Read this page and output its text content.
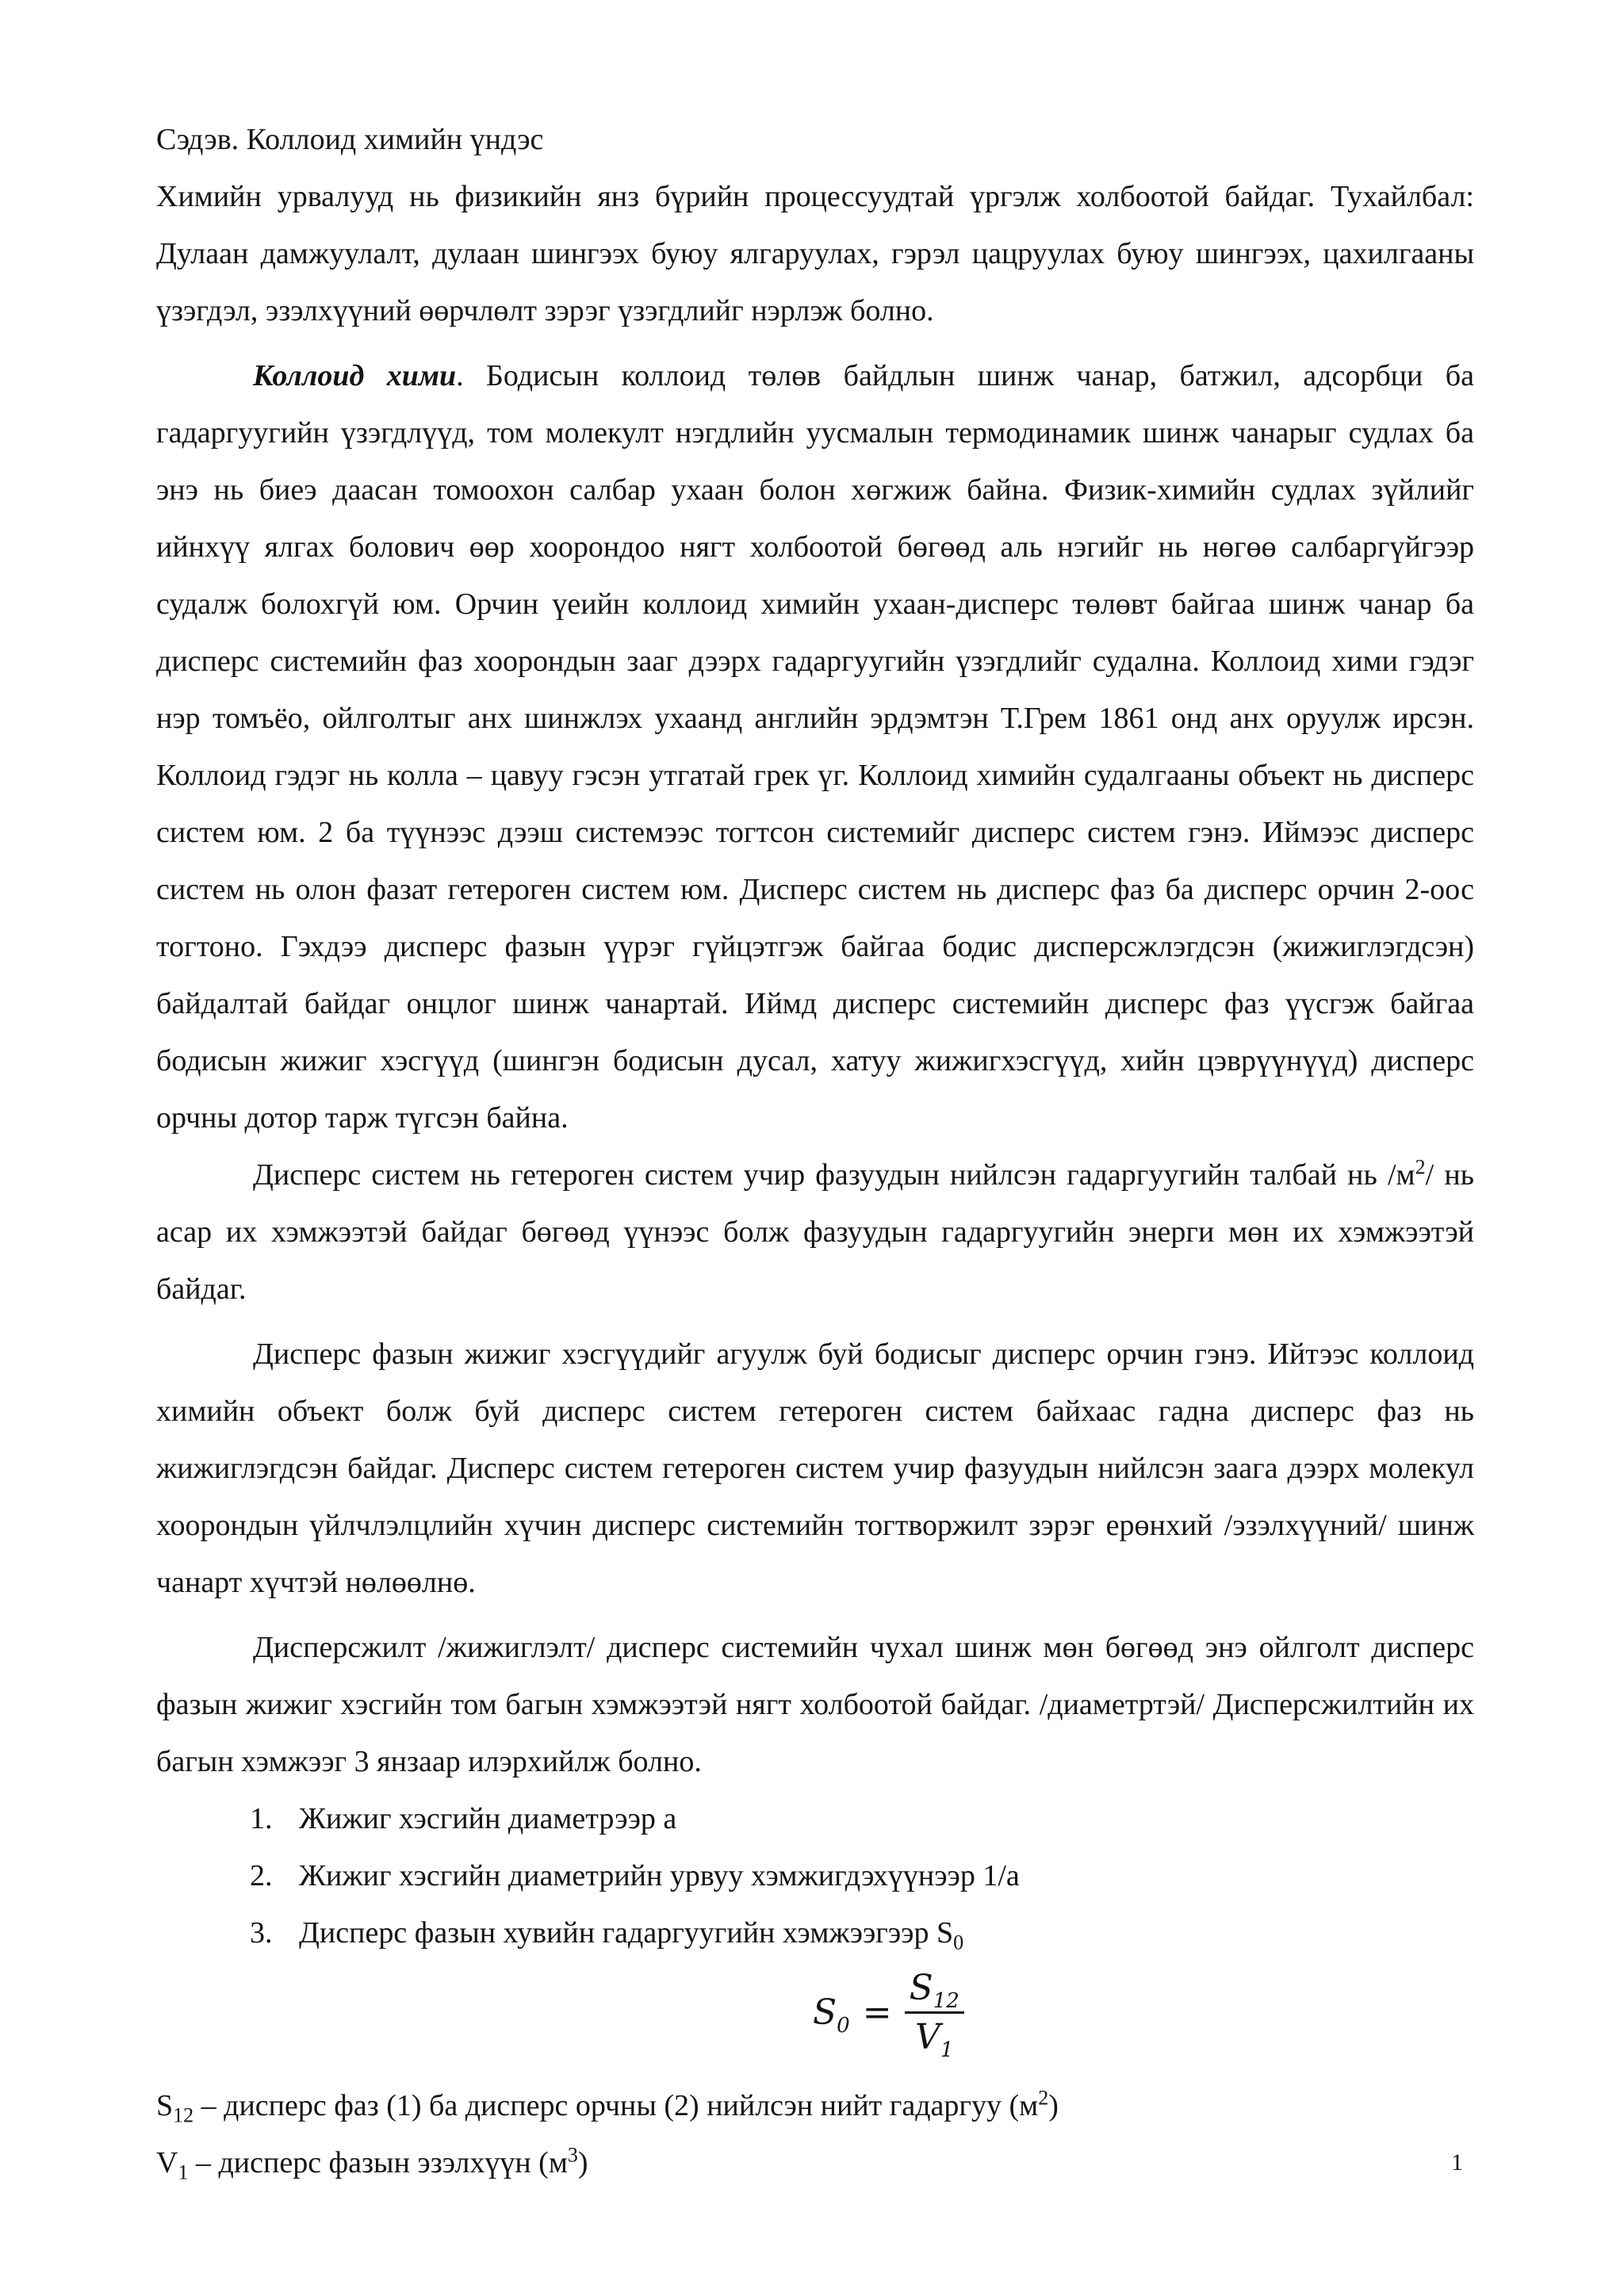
Сэдэв. Коллоид химийн үндэс

Химийн урвалууд нь физикийн янз бүрийн процессуудтай үргэлж холбоотой байдаг. Тухайлбал: Дулаан дамжуулалт, дулаан шингээх буюу ялгаруулах, гэрэл цацруулах буюу шингээх, цахилгааны үзэгдэл, эзэлхүүний өөрчлөлт зэрэг үзэгдлийг нэрлэж болно.

Коллоид хими. Бодисын коллоид төлөв байдлын шинж чанар, батжил, адсорбци ба гадаргуугийн үзэгдлүүд, том молекулт нэгдлийн уусмалын термодинамик шинж чанарыг судлах ба энэ нь биеэ даасан томоохон салбар ухаан болон хөгжиж байна. Физик-химийн судлах зүйлийг ийнхүү ялгах болович өөр хоорондоо нягт холбоотой бөгөөд аль нэгийг нь нөгөө салбаргүйгээр судалж болохгүй юм. Орчин үеийн коллоид химийн ухаан-дисперс төлөвт байгаа шинж чанар ба дисперс системийн фаз хоорондын зааг дээрх гадаргуугийн үзэгдлийг судална. Коллоид хими гэдэг нэр томъёо, ойлголтыг анх шинжлэх ухаанд английн эрдэмтэн Т.Грем 1861 онд анх оруулж ирсэн. Коллоид гэдэг нь колла – цавуу гэсэн утгатай грек үг. Коллоид химийн судалгааны объект нь дисперс систем юм. 2 ба түүнээс дээш системээс тогтсон системийг дисперс систем гэнэ. Иймээс дисперс систем нь олон фазат гетероген систем юм. Дисперс систем нь дисперс фаз ба дисперс орчин 2-оос тогтоно. Гэхдээ дисперс фазын үүрэг гүйцэтгэж байгаа бодис дисперсжлэгдсэн (жижиглэгдсэн) байдалтай байдаг онцлог шинж чанартай. Иймд дисперс системийн дисперс фаз үүсгэж байгаа бодисын жижиг хэсгүүд (шингэн бодисын дусал, хатуу жижигхэсгүүд, хийн цэврүүнүүд) дисперс орчны дотор тарж түгсэн байна.

Дисперс систем нь гетероген систем учир фазуудын нийлсэн гадаргуугийн талбай нь $/м^2/$ нь асар их хэмжээтэй байдаг бөгөөд үүнээс болж фазуудын гадаргуугийн энерги мөн их хэмжээтэй байдаг.

Дисперс фазын жижиг хэсгүүдийг агуулж буй бодисыг дисперс орчин гэнэ. Ийтээс коллоид химийн объект болж буй дисперс систем гетероген систем байхаас гадна дисперс фаз нь жижиглэгдсэн байдаг. Дисперс систем гетероген систем учир фазуудын нийлсэн заага дээрх молекул хоорондын үйлчлэлцлийн хүчин дисперс системийн тогтворжилт зэрэг ерөнхий /эзэлхүүний/ шинж чанарт хүчтэй нөлөөлнө.

Дисперсжилт /жижиглэлт/ дисперс системийн чухал шинж мөн бөгөөд энэ ойлголт дисперс фазын жижиг хэсгийн том багын хэмжээтэй нягт холбоотой байдаг. /диаметртэй/ Дисперсжилтийн их багын хэмжээг 3 янзаар илэрхийлж болно.

1. Жижиг хэсгийн диаметрээр а
2. Жижиг хэсгийн диаметрийн урвуу хэмжигдэхүүнээр 1/а
3. Дисперс фазын хувийн гадаргуугийн хэмжээгээр $S_0$
$S_0 = \frac{S_{12}}{V_1}$

$S_{12}$ – дисперс фаз (1) ба дисперс орчны (2) нийлсэн нийт гадаргуу $(м^2)$

$V_1$ – дисперс фазын эзэлхүүн $(м^3)$	1
